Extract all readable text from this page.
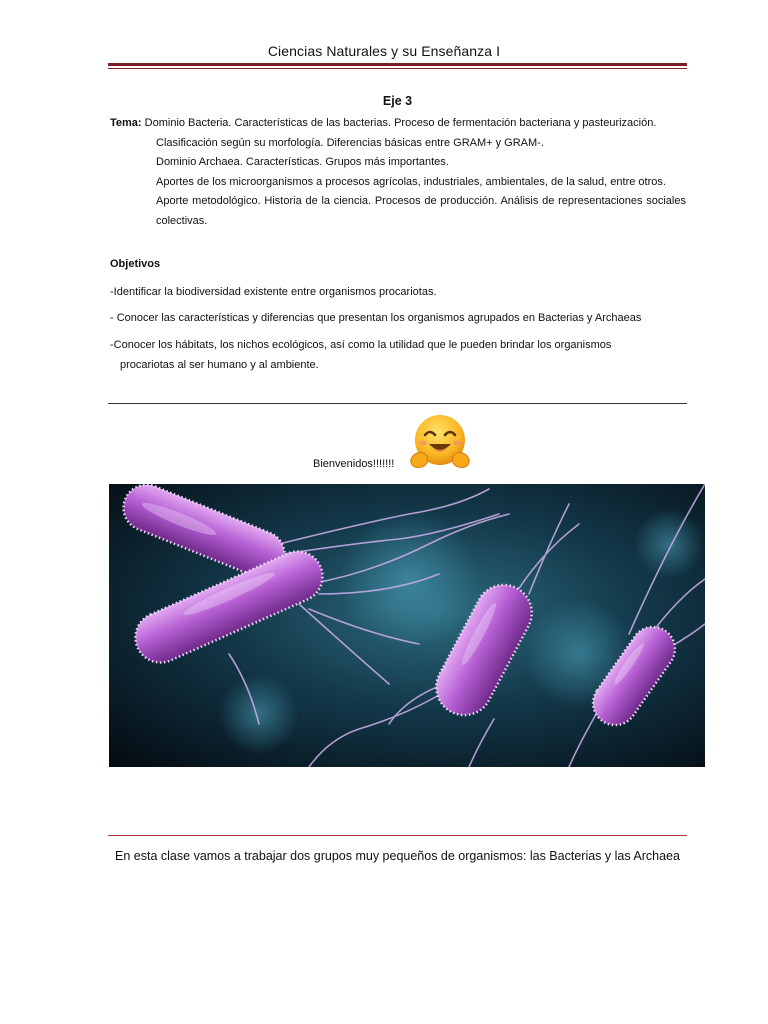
Ciencias Naturales y su Enseñanza I
Eje 3
Tema: Dominio Bacteria. Características de las bacterias. Proceso de fermentación bacteriana y pasteurización.
Clasificación según su morfología. Diferencias básicas entre GRAM+ y GRAM-.
Dominio Archaea. Características. Grupos más importantes.
Aportes de los microorganismos a procesos agrícolas, industriales, ambientales, de la salud, entre otros.
Aporte metodológico. Historia de la ciencia. Procesos de producción. Análisis de representaciones sociales colectivas.
Objetivos
-Identificar la biodiversidad existente entre organismos procariotas.
- Conocer las características y diferencias que presentan los organismos agrupados en Bacterias y Archaeas
-Conocer los hábitats, los nichos ecológicos, así como la utilidad que le pueden brindar los organismos
procariotas al ser humano y al ambiente.
Bienvenidos!!!!!!!
En esta clase vamos a trabajar dos grupos muy pequeños de organismos: las Bacterias y las Archaea
